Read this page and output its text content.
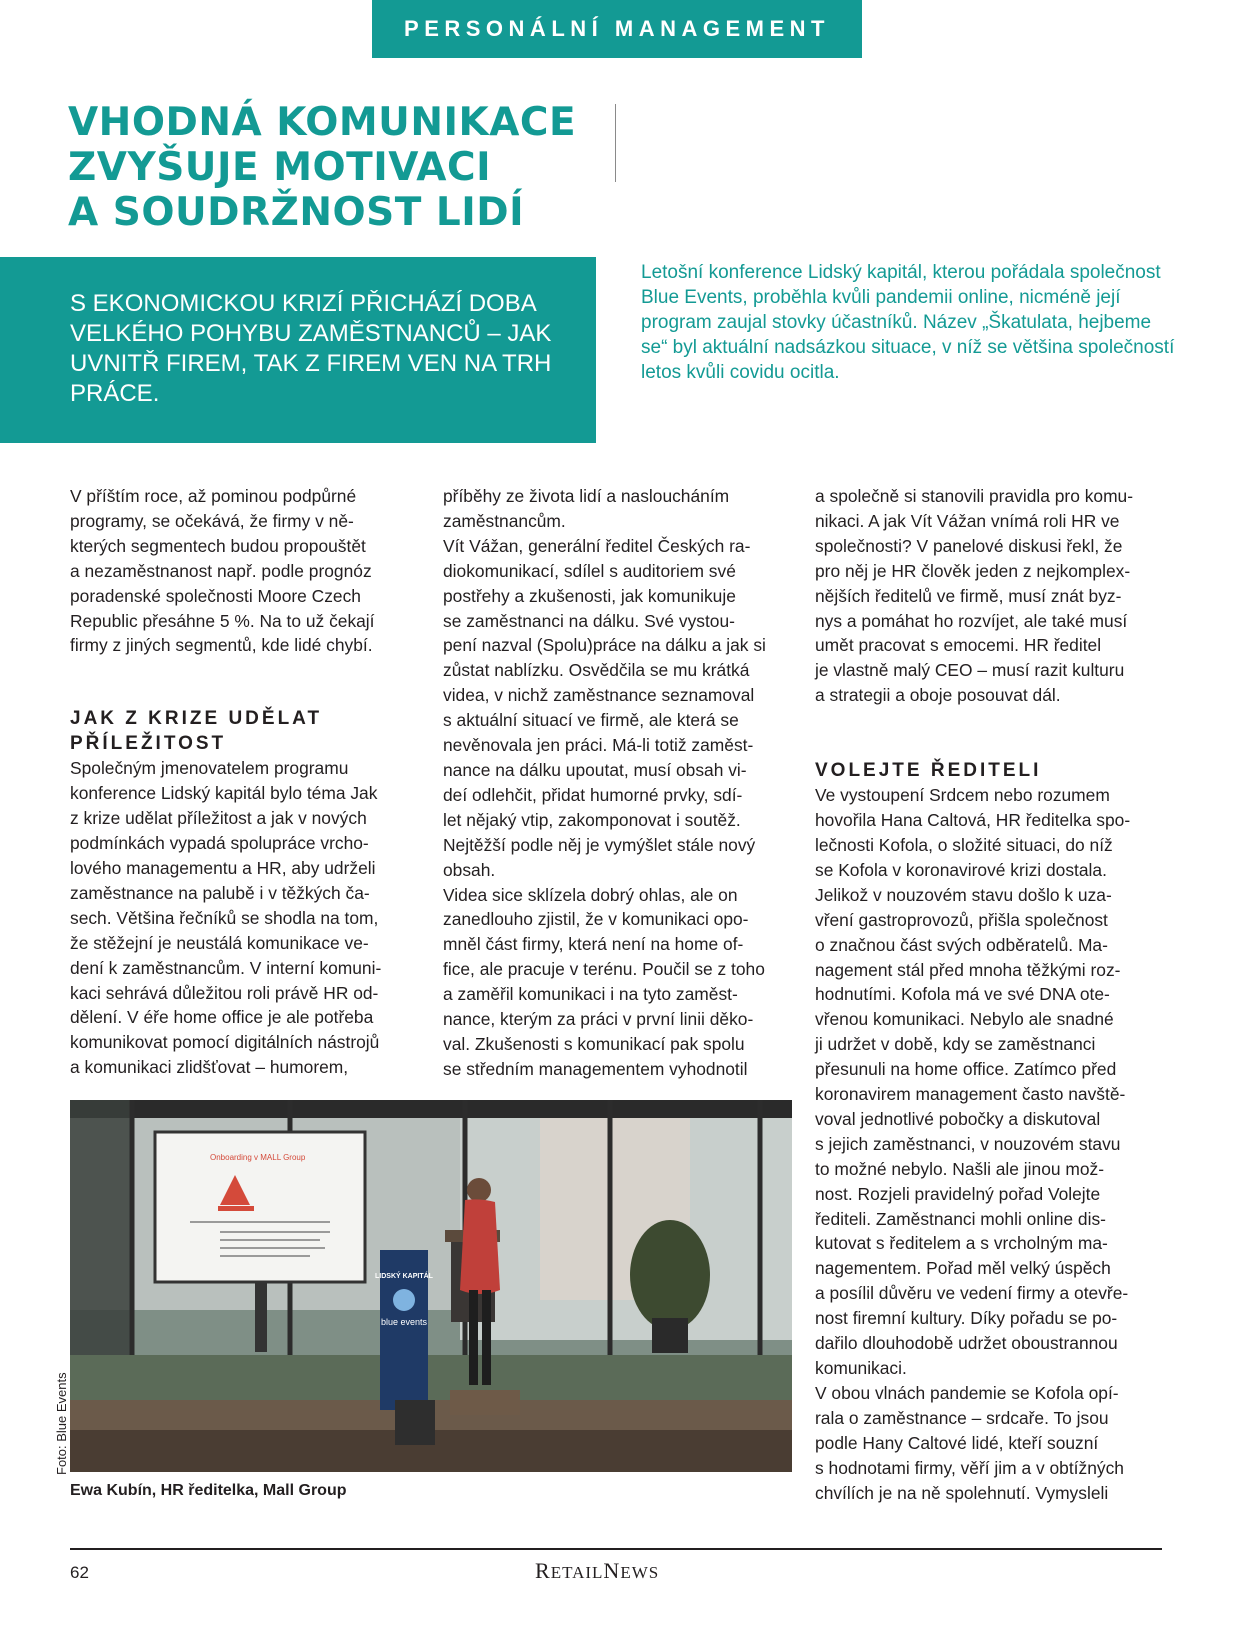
PERSONÁLNÍ MANAGEMENT
VHODNÁ KOMUNIKACE
ZVYŠUJE MOTIVACI
A SOUDRŽNOST LIDÍ

S EKONOMICKOU KRIZÍ PŘICHÁZÍ DOBA VELKÉHO POHYBU ZAMĚSTNANCŮ – JAK UVNITŘ FIREM, TAK Z FIREM VEN NA TRH PRÁCE.

Letošní konference Lidský kapitál, kterou pořádala společnost Blue Events, proběhla kvůli pandemii online, nicméně její program zaujal stovky účastníků. Název „Škatulata, hejbeme se“ byl aktuální nadsázkou situace, v níž se většina společností letos kvůli covidu ocitla.

V příštím roce, až pominou podpůrné
programy, se očekává, že firmy v ně-
kterých segmentech budou propouštět
a nezaměstnanost např. podle prognóz
poradenské společnosti Moore Czech
Republic přesáhne 5 %. Na to už čekají
firmy z jiných segmentů, kde lidé chybí.

JAK Z KRIZE UDĚLAT
PŘÍLEŽITOST

Společným jmenovatelem programu
konference Lidský kapitál bylo téma Jak
z krize udělat příležitost a jak v nových
podmínkách vypadá spolupráce vrcho-
lového managementu a HR, aby udrželi
zaměstnance na palubě i v těžkých ča-
sech. Většina řečníků se shodla na tom,
že stěžejní je neustálá komunikace ve-
dení k zaměstnancům. V interní komuni-
kaci sehrává důležitou roli právě HR od-
dělení. V éře home office je ale potřeba
komunikovat pomocí digitálních nástrojů
a komunikaci zlidšťovat – humorem,

příběhy ze života lidí a nasloucháním
zaměstnancům.
Vít Vážan, generální ředitel Českých ra-
diokomunikací, sdílel s auditoriem své
postřehy a zkušenosti, jak komunikuje
se zaměstnanci na dálku. Své vystou-
pení nazval (Spolu)práce na dálku a jak si
zůstat nablízku. Osvědčila se mu krátká
videa, v nichž zaměstnance seznamoval
s aktuální situací ve firmě, ale která se
nevěnovala jen práci. Má-li totiž zaměst-
nance na dálku upoutat, musí obsah vi-
deí odlehčit, přidat humorné prvky, sdí-
let nějaký vtip, zakomponovat i soutěž.
Nejtěžší podle něj je vymýšlet stále nový
obsah.
Videa sice sklízela dobrý ohlas, ale on
zanedlouho zjistil, že v komunikaci opo-
mněl část firmy, která není na home of-
fice, ale pracuje v terénu. Poučil se z toho
a zaměřil komunikaci i na tyto zaměst-
nance, kterým za práci v první linii děko-
val. Zkušenosti s komunikací pak spolu
se středním managementem vyhodnotil

a společně si stanovili pravidla pro komu-
nikaci. A jak Vít Vážan vnímá roli HR ve
společnosti? V panelové diskusi řekl, že
pro něj je HR člověk jeden z nejkomplex-
nějších ředitelů ve firmě, musí znát byz-
nys a pomáhat ho rozvíjet, ale také musí
umět pracovat s emocemi. HR ředitel
je vlastně malý CEO – musí razit kulturu
a strategii a oboje posouvat dál.

VOLEJTE ŘEDITELI

Ve vystoupení Srdcem nebo rozumem
hovořila Hana Caltová, HR ředitelka spo-
lečnosti Kofola, o složité situaci, do níž
se Kofola v koronavirové krizi dostala.
Jelikož v nouzovém stavu došlo k uza-
vření gastroprovozů, přišla společnost
o značnou část svých odběratelů. Ma-
nagement stál před mnoha těžkými roz-
hodnutími. Kofola má ve své DNA ote-
vřenou komunikaci. Nebylo ale snadné
ji udržet v době, kdy se zaměstnanci
přesunuli na home office. Zatímco před
koronavirem management často navště-
voval jednotlivé pobočky a diskutoval
s jejich zaměstnanci, v nouzovém stavu
to možné nebylo. Našli ale jinou mož-
nost. Rozjeli pravidelný pořad Volejte
řediteli. Zaměstnanci mohli online dis-
kutovat s ředitelem a s vrcholným ma-
nagementem. Pořad měl velký úspěch
a posílil důvěru ve vedení firmy a otevře-
nost firemní kultury. Díky pořadu se po-
dařilo dlouhodobě udržet oboustrannou
komunikaci.
V obou vlnách pandemie se Kofola opí-
rala o zaměstnance – srdcaře. To jsou
podle Hany Caltové lidé, kteří souzní
s hodnotami firmy, věří jim a v obtížných
chvílích je na ně spolehnutí. Vymysleli

Onboarding v MALL Group
LIDSKÝ KAPITÁL
blue events
Foto: Blue Events
Ewa Kubín, HR ředitelka, Mall Group
62	RETAILNEWS
